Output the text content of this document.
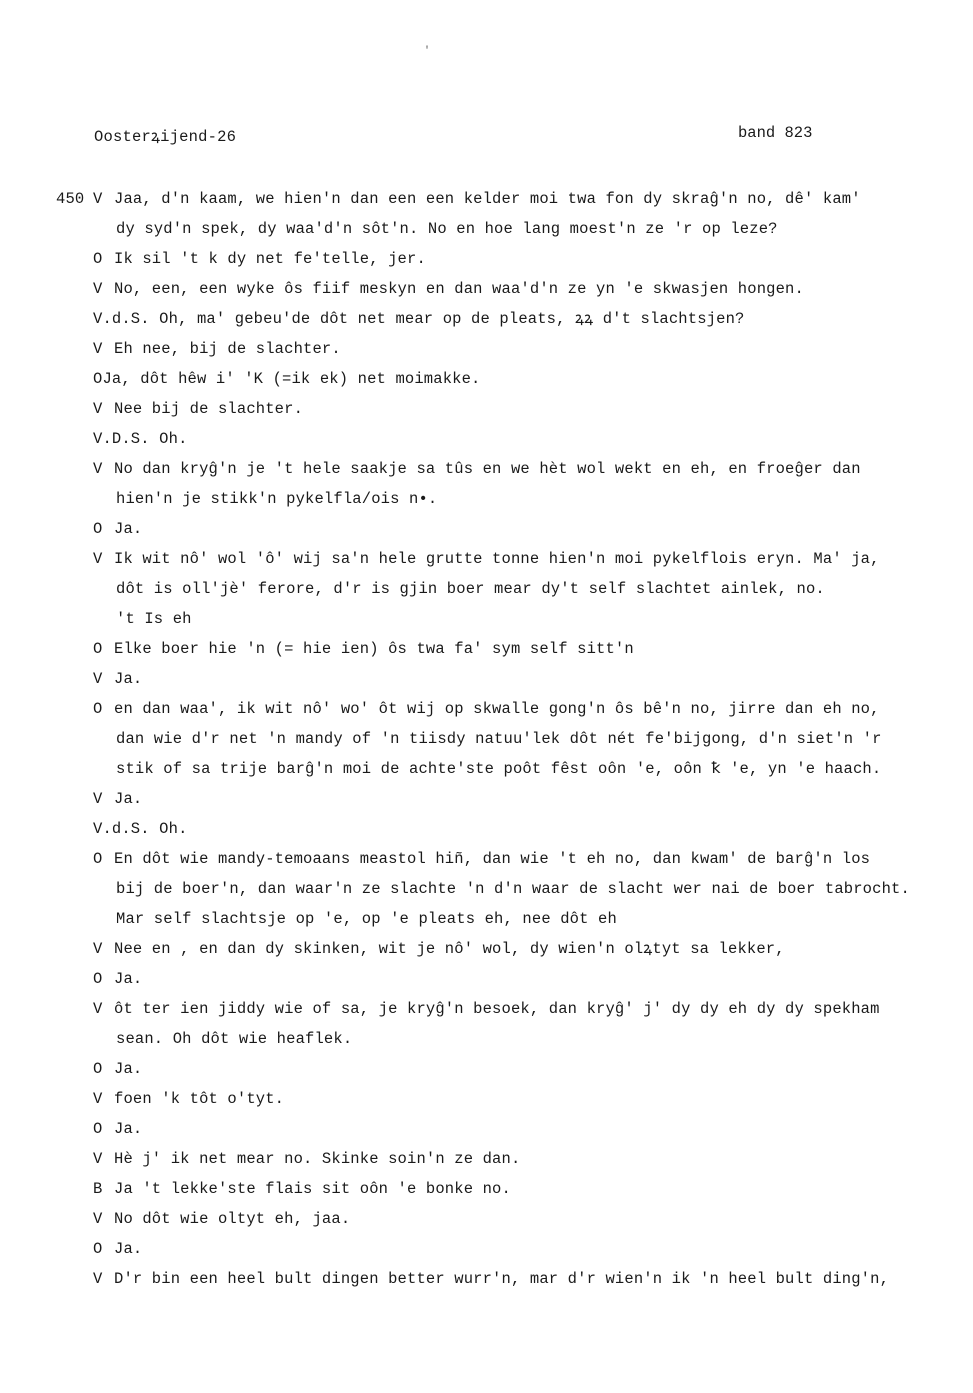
Oosterꝝijend-26	band 823
'
450 V Jaa, d'n kaam, we hien'n dan een een kelder moi twa fon dy skraĝ'n no, dê' kam'
dy syd'n spek, dy waa'd'n sôt'n. No en hoe lang moest'n ze 'r op leze?
O Ik sil 't k dy net fe'telle, jer.
V No, een, een wyke ôs fiif meskyn en dan waa'd'n ze yn 'e skwasjen hongen.
V.d.S. Oh, ma' gebeu'de dôt net mear op de pleats, ꝝꝝ d't slachtsjen?
V Eh nee, bij de slachter.
OJa, dôt hêw i' 'K (=ik ek) net moimakke.
V Nee bij de slachter.
V.D.S. Oh.
V No dan kryĝ'n je 't hele saakje sa tûs en we hèt wol wekt en eh, en froeĝer dan
hien'n je stikk'n pykelfla/ois n•.
O Ja.
V Ik wit nô' wol 'ô' wij sa'n hele grutte tonne hien'n moi pykelflois eryn. Ma' ja,
dôt is oll'jè' ferore, d'r is gjin boer mear dy't self slachtet ainlek, no.
't Is eh
O Elke boer hie 'n (= hie ien) ôs twa fa' sym self sitt'n
V Ja.
O en dan waa', ik wit nô' wo' ôt wij op skwalle gong'n ôs bê'n no, jirre dan eh no,
dan wie d'r net 'n mandy of 'n tiisdy natuu'lek dôt nét fe'bijgong, d'n siet'n 'r
stik of sa trije barĝ'n moi de achte'ste poôt fêst oôn 'e, oôn ꝁ 'e, yn 'e haach.
V Ja.
V.d.S. Oh.
O En dôt wie mandy-temoaans meastol hiñ, dan wie 't eh no, dan kwam' de barĝ'n los
bij de boer'n, dan waar'n ze slachte 'n d'n waar de slacht wer nai de boer tabrocht.
Mar self slachtsje op 'e, op 'e pleats eh, nee dôt eh
V Nee en , en dan dy skinken, wit je nô' wol, dy wien'n olꝝtyt sa lekker,
O Ja.
V ôt ter ien jiddy wie of sa, je kryĝ'n besoek, dan kryĝ' j' dy dy eh dy dy spekham
sean. Oh dôt wie heaflek.
O Ja.
V foen 'k tôt o'tyt.
O Ja.
V Hè j' ik net mear no. Skinke soin'n ze dan.
B Ja 't lekke'ste flais sit oôn 'e bonke no.
V No dôt wie oltyt eh, jaa.
O Ja.
V D'r bin een heel bult dingen better wurr'n, mar d'r wien'n ik 'n heel bult ding'n,
